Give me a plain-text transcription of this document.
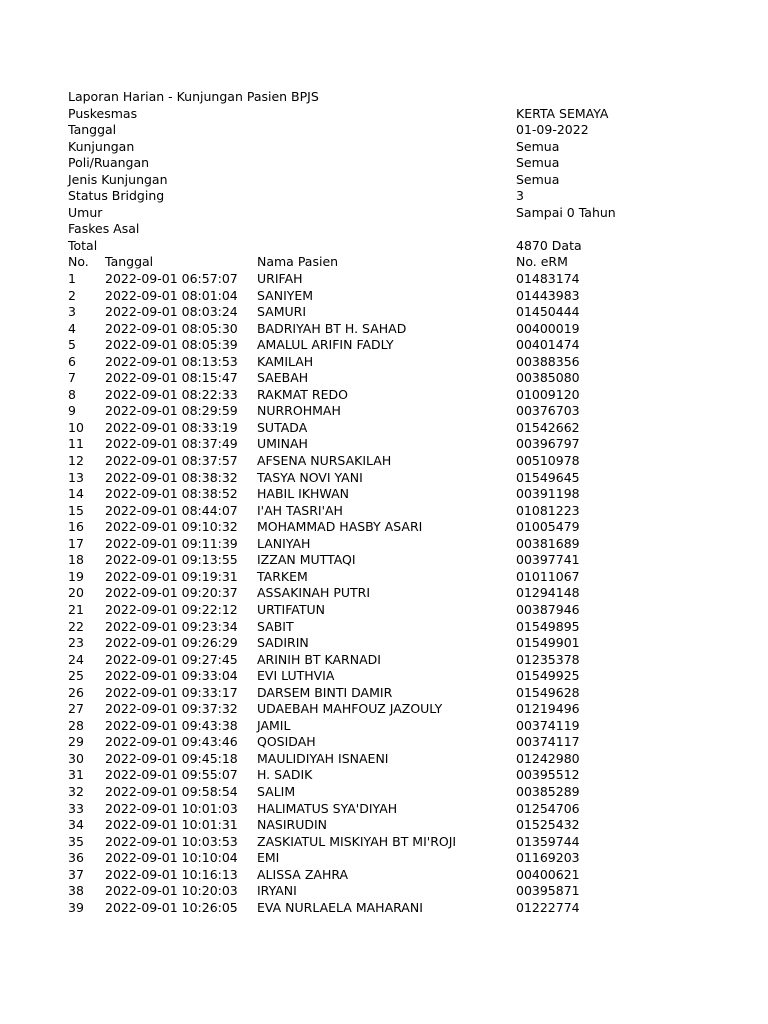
Laporan Harian - Kunjungan Pasien BPJS
Puskesmas	KERTA SEMAYA
Tanggal	01-09-2022
Kunjungan	Semua
Poli/Ruangan	Semua
Jenis Kunjungan	Semua
Status Bridging	3
Umur	Sampai 0 Tahun
Faskes Asal
Total	4870 Data
No. Tanggal	Nama Pasien	No. eRM
1 2022-09-01 06:57:07 URIFAH	01483174
2 2022-09-01 08:01:04 SANIYEM	01443983
3 2022-09-01 08:03:24 SAMURI	01450444
4 2022-09-01 08:05:30 BADRIYAH BT H. SAHAD	00400019
5 2022-09-01 08:05:39 AMALUL ARIFIN FADLY	00401474
6 2022-09-01 08:13:53 KAMILAH	00388356
7 2022-09-01 08:15:47 SAEBAH	00385080
8 2022-09-01 08:22:33 RAKMAT REDO	01009120
9 2022-09-01 08:29:59 NURROHMAH	00376703
10 2022-09-01 08:33:19 SUTADA	01542662
11 2022-09-01 08:37:49 UMINAH	00396797
12 2022-09-01 08:37:57 AFSENA NURSAKILAH	00510978
13 2022-09-01 08:38:32 TASYA NOVI YANI	01549645
14 2022-09-01 08:38:52 HABIL IKHWAN	00391198
15 2022-09-01 08:44:07 I'AH TASRI'AH	01081223
16 2022-09-01 09:10:32 MOHAMMAD HASBY ASARI	01005479
17 2022-09-01 09:11:39 LANIYAH	00381689
18 2022-09-01 09:13:55 IZZAN MUTTAQI	00397741
19 2022-09-01 09:19:31 TARKEM	01011067
20 2022-09-01 09:20:37 ASSAKINAH PUTRI	01294148
21 2022-09-01 09:22:12 URTIFATUN	00387946
22 2022-09-01 09:23:34 SABIT	01549895
23 2022-09-01 09:26:29 SADIRIN	01549901
24 2022-09-01 09:27:45 ARINIH BT KARNADI	01235378
25 2022-09-01 09:33:04 EVI LUTHVIA	01549925
26 2022-09-01 09:33:17 DARSEM BINTI DAMIR	01549628
27 2022-09-01 09:37:32 UDAEBAH MAHFOUZ JAZOULY	01219496
28 2022-09-01 09:43:38 JAMIL	00374119
29 2022-09-01 09:43:46 QOSIDAH	00374117
30 2022-09-01 09:45:18 MAULIDIYAH ISNAENI	01242980
31 2022-09-01 09:55:07 H. SADIK	00395512
32 2022-09-01 09:58:54 SALIM	00385289
33 2022-09-01 10:01:03 HALIMATUS SYA'DIYAH	01254706
34 2022-09-01 10:01:31 NASIRUDIN	01525432
35 2022-09-01 10:03:53 ZASKIATUL MISKIYAH BT MI'ROJI	01359744
36 2022-09-01 10:10:04 EMI	01169203
37 2022-09-01 10:16:13 ALISSA ZAHRA	00400621
38 2022-09-01 10:20:03 IRYANI	00395871
39 2022-09-01 10:26:05 EVA NURLAELA MAHARANI	01222774
